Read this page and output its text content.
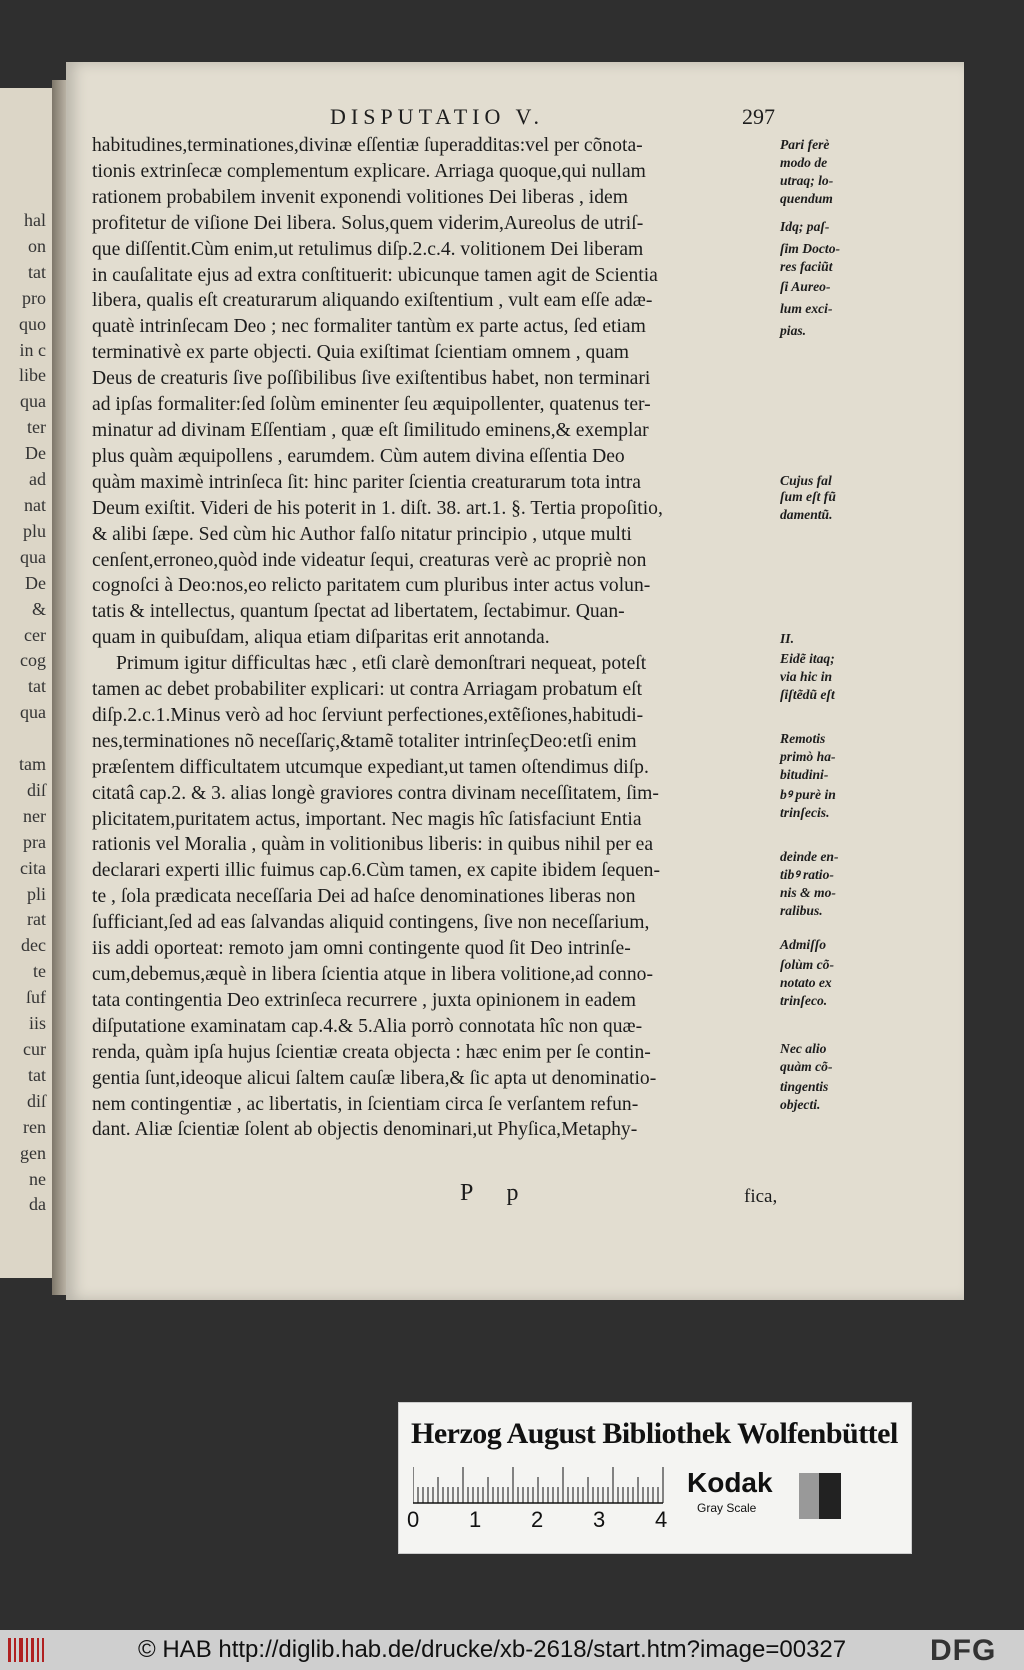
hal
on
tat
pro
quo
in c
libe
qua
ter
De
ad
nat
plu
qua
De
&
cer
cog
tat
qua

tam
diſ
ner
pra
cita
pli
rat
dec
te
ſuf
iis
cur
tat
diſ
ren
gen
ne
da
DISPUTATIO V.	297
habitudines,terminationes,divinæ eſſentiæ ſuperadditas:vel per cõnota-
tionis extrinſecæ complementum explicare. Arriaga quoque,qui nullam
rationem probabilem invenit exponendi volitiones Dei liberas , idem
profitetur de viſione Dei libera. Solus,quem viderim,Aureolus de utriſ-
que diſſentit.Cùm enim,ut retulimus diſp.2.c.4. volitionem Dei liberam
in cauſalitate ejus ad extra conſtituerit: ubicunque tamen agit de Scientia
libera, qualis eſt creaturarum aliquando exiſtentium , vult eam eſſe adæ-
quatè intrinſecam Deo ; nec formaliter tantùm ex parte actus, ſed etiam
terminativè ex parte objecti. Quia exiſtimat ſcientiam omnem , quam
Deus de creaturis ſive poſſibilibus ſive exiſtentibus habet, non terminari
ad ipſas formaliter:ſed ſolùm eminenter ſeu æquipollenter, quatenus ter-
minatur ad divinam Eſſentiam , quæ eſt ſimilitudo eminens,& exemplar
plus quàm æquipollens , earumdem. Cùm autem divina eſſentia Deo
quàm maximè intrinſeca ſit: hinc pariter ſcientia creaturarum tota intra
Deum exiſtit. Videri de his poterit in 1. diſt. 38. art.1. §. Tertia propoſitio,
& alibi ſæpe. Sed cùm hic Author falſo nitatur principio , utque multi
cenſent,erroneo,quòd inde videatur ſequi, creaturas verè ac propriè non
cognoſci à Deo:nos,eo relicto paritatem cum pluribus inter actus volun-
tatis & intellectus, quantum ſpectat ad libertatem, ſectabimur. Quan-
quam in quibuſdam, aliqua etiam diſparitas erit annotanda.
Primum igitur difficultas hæc , etſi clarè demonſtrari nequeat, poteſt
tamen ac debet probabiliter explicari: ut contra Arriagam probatum eſt
diſp.2.c.1.Minus verò ad hoc ſerviunt perfectiones,extẽſiones,habitudi-
nes,terminationes nõ neceſſariç,&tamẽ totaliter intrinſeçDeo:etſi enim
præſentem difficultatem utcumque expediant,ut tamen oſtendimus diſp.
citatâ cap.2. & 3. alias longè graviores contra divinam neceſſitatem, ſim-
plicitatem,puritatem actus, important. Nec magis hîc ſatisfaciunt Entia
rationis vel Moralia , quàm in volitionibus liberis: in quibus nihil per ea
declarari experti illic fuimus cap.6.Cùm tamen, ex capite ibidem ſequen-
te , ſola prædicata neceſſaria Dei ad haſce denominationes liberas non
ſufficiant,ſed ad eas ſalvandas aliquid contingens, ſive non neceſſarium,
iis addi oporteat: remoto jam omni contingente quod ſit Deo intrinſe-
cum,debemus,æquè in libera ſcientia atque in libera volitione,ad conno-
tata contingentia Deo extrinſeca recurrere , juxta opinionem in eadem
diſputatione examinatam cap.4.& 5.Alia porrò connotata hîc non quæ-
renda, quàm ipſa hujus ſcientiæ creata objecta : hæc enim per ſe contin-
gentia ſunt,ideoque alicui ſaltem cauſæ libera,& ſic apta ut denominatio-
nem contingentiæ , ac libertatis, in ſcientiam circa ſe verſantem refun-
dant. Aliæ ſcientiæ ſolent ab objectis denominari,ut Phyſica,Metaphy-
Pari ferè
modo de
utraq; lo-
quendum
Idq; paſ-
ſim Docto-
res faciũt
ſi Aureo-
lum exci-
pias.
Cujus fal
ſum eſt fũ
damentũ.
II.
Eidẽ itaq;
via hic in
ſiſtẽdũ eſt
Remotis
primò ha-
bitudini-
bꝰ purè in
trinſecis.
deinde en-
tibꝰ ratio-
nis & mo-
ralibus.
Admiſſo
ſolùm cõ-
notato ex
trinſeco.
Nec alio
quàm cõ-
tingentis
objecti.
P p	fica,
Herzog August Bibliothek Wolfenbüttel
0 1 2 3 4
Kodak
Gray Scale
© HAB http://diglib.hab.de/drucke/xb-2618/start.htm?image=00327	DFG
